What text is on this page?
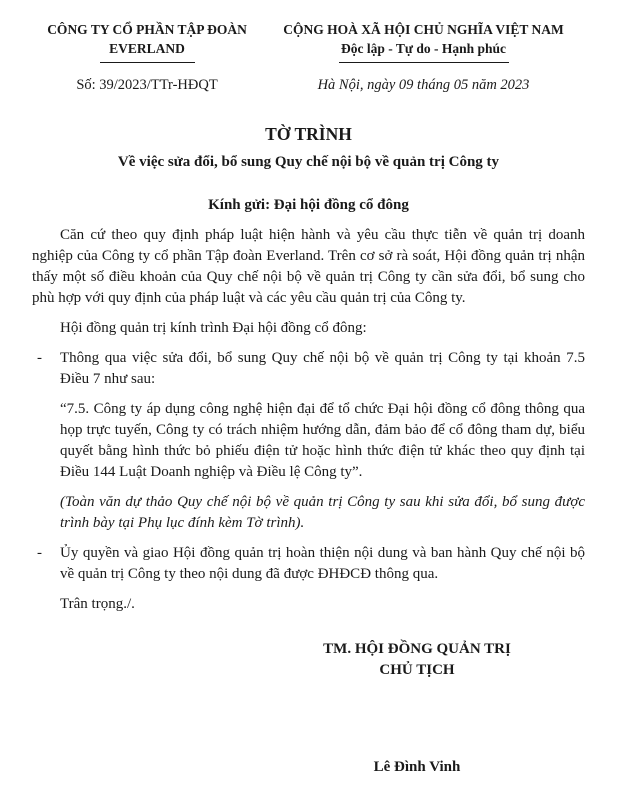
CÔNG TY CỔ PHẦN TẬP ĐOÀN
EVERLAND
CỘNG HOÀ XÃ HỘI CHỦ NGHĨA VIỆT NAM
Độc lập - Tự do - Hạnh phúc
Số: 39/2023/TTr-HĐQT	Hà Nội, ngày 09 tháng 05 năm 2023
TỜ TRÌNH
Về việc sửa đổi, bổ sung Quy chế nội bộ về quản trị Công ty
Kính gửi: Đại hội đồng cổ đông

Căn cứ theo quy định pháp luật hiện hành và yêu cầu thực tiễn về quản trị doanh nghiệp của Công ty cổ phần Tập đoàn Everland. Trên cơ sở rà soát, Hội đồng quản trị nhận thấy một số điều khoản của Quy chế nội bộ về quản trị Công ty cần sửa đổi, bổ sung cho phù hợp với quy định của pháp luật và các yêu cầu quản trị của Công ty.

Hội đồng quản trị kính trình Đại hội đồng cổ đông:

-	Thông qua việc sửa đổi, bổ sung Quy chế nội bộ về quản trị Công ty tại khoản 7.5 Điều 7 như sau:

“7.5. Công ty áp dụng công nghệ hiện đại để tổ chức Đại hội đồng cổ đông thông qua họp trực tuyến, Công ty có trách nhiệm hướng dẫn, đảm bảo để cổ đông tham dự, biểu quyết bằng hình thức bỏ phiếu điện tử hoặc hình thức điện tử khác theo quy định tại Điều 144 Luật Doanh nghiệp và Điều lệ Công ty”.

(Toàn văn dự thảo Quy chế nội bộ về quản trị Công ty sau khi sửa đổi, bổ sung được trình bày tại Phụ lục đính kèm Tờ trình).

-	Ủy quyền và giao Hội đồng quản trị hoàn thiện nội dung và ban hành Quy chế nội bộ về quản trị Công ty theo nội dung đã được ĐHĐCĐ thông qua.

Trân trọng./.

TM. HỘI ĐỒNG QUẢN TRỊ
CHỦ TỊCH
Lê Đình Vinh
